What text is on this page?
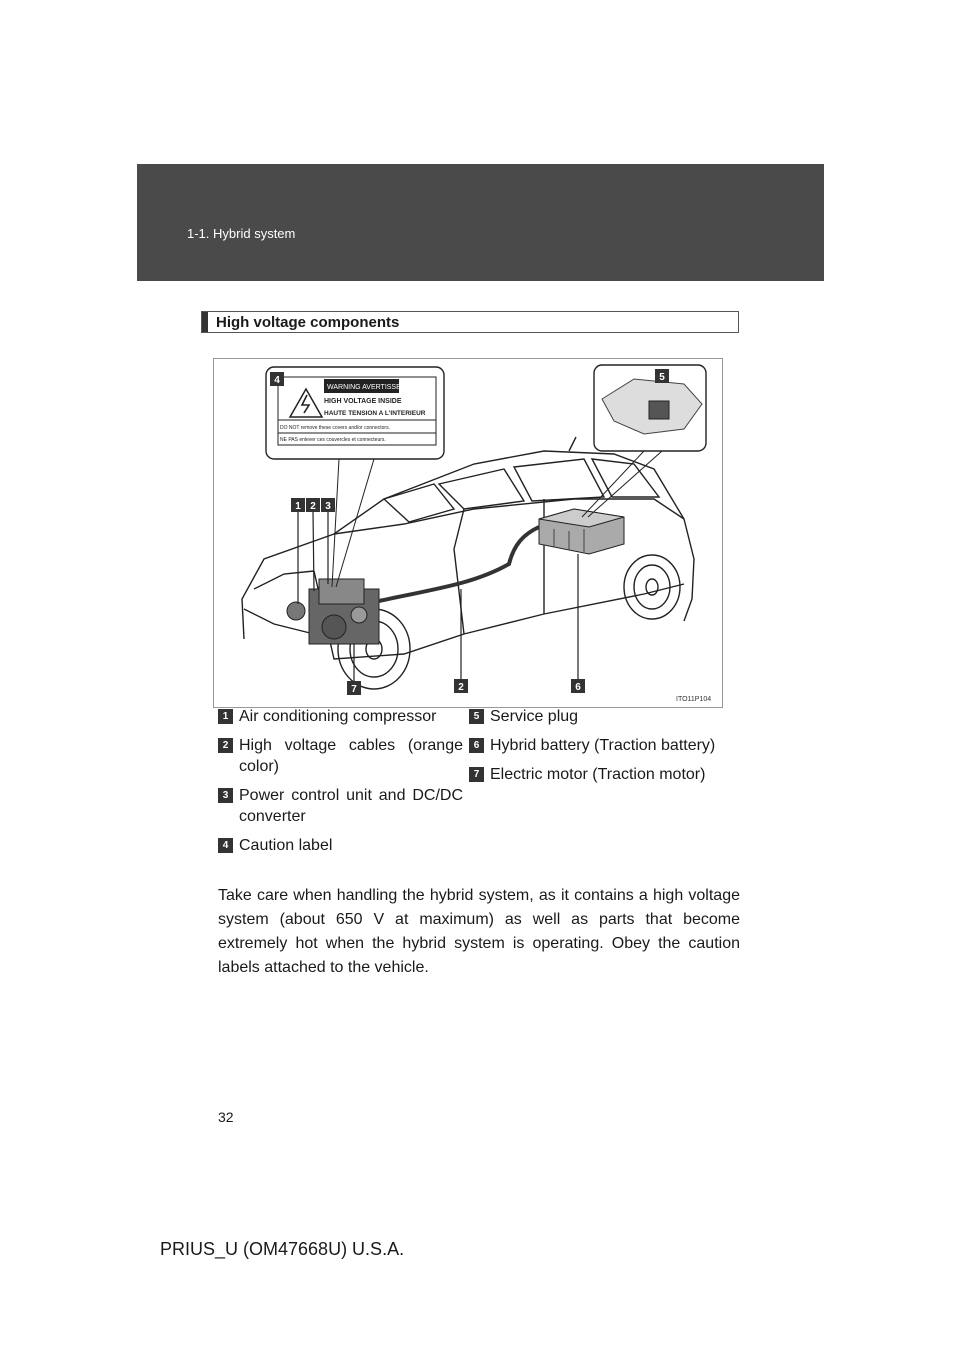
1-1. Hybrid system
High voltage components
WARNING AVERTISSEMENT
HIGH VOLTAGE INSIDE
HAUTE TENSION A L'INTERIEUR
DO NOT remove these covers and/or connectors.
NE PAS enlever ces couvercles et connecteurs.
4	5
1 2 3
7	2	6
ITO11P104
1 Air conditioning compressor
2 High voltage cables (orange color)
3 Power control unit and DC/DC converter
4 Caution label
5 Service plug
6 Hybrid battery (Traction battery)
7 Electric motor (Traction motor)

Take care when handling the hybrid system, as it contains a high voltage system (about 650 V at maximum) as well as parts that become extremely hot when the hybrid system is operating. Obey the caution labels attached to the vehicle.

32
PRIUS_U (OM47668U) U.S.A.
